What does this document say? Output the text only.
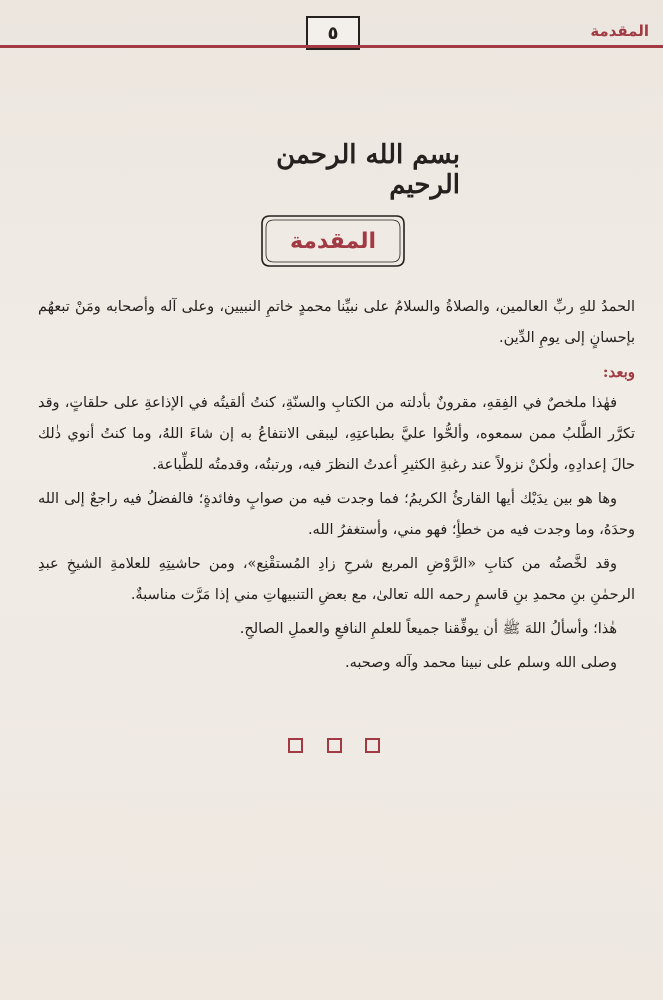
المقدمة
٥
بسم الله الرحمن الرحيم
المقدمة

الحمدُ للهِ ربِّ العالمين، والصلاةُ والسلامُ على نبيِّنا محمدٍ خاتمِ النبيين، وعلى آله وأصحابه ومَنْ تبعهُم بإحسانٍ إلى يومِ الدِّين.

وبعد:

فهٰذا ملخصٌ في الفِقهِ، مقرونٌ بأدلته من الكتابِ والسنّةِ، كنتُ ألقيتُه في الإذاعةِ على حلقاتٍ، وقد تكرَّر الطَّلبُ ممن سمعوه، وألحُّوا عليَّ بطباعتِهِ، ليبقى الانتفاعُ به إن شاءَ اللهُ، وما كنتُ أنوي ذٰلك حالَ إعدادِهِ، ولٰكنْ نزولاً عند رغبةِ الكثيرِ أعدتُ النظرَ فيه، ورتبتُه، وقدمتُه للطِّباعة.

وها هو بين يدَيْك أيها القارئُ الكريمُ؛ فما وجدت فيه من صوابٍ وفائدةٍ؛ فالفضلُ فيه راجعٌ إلى الله وحدَهُ، وما وجدت فيه من خطأٍ؛ فهو مني، وأستغفرُ الله.

وقد لخَّصتُه من كتابِ «الرَّوْضِ المربع شرحِ زادِ المُستقْنِع»، ومن حاشيتِهِ للعلامةِ الشيخِ عبدِ الرحمٰنِ بنِ محمدِ بنِ قاسمٍ رحمه الله تعالىٰ، مع بعضِ التنبيهاتِ مني إذا مَرَّت مناسبةٌ.

هٰذا؛ وأسألُ اللهَ ﷺ أن يوفِّقنا جميعاً للعلمِ النافعِ والعملِ الصالحِ.

وصلى الله وسلم على نبينا محمد وآله وصحبه.
